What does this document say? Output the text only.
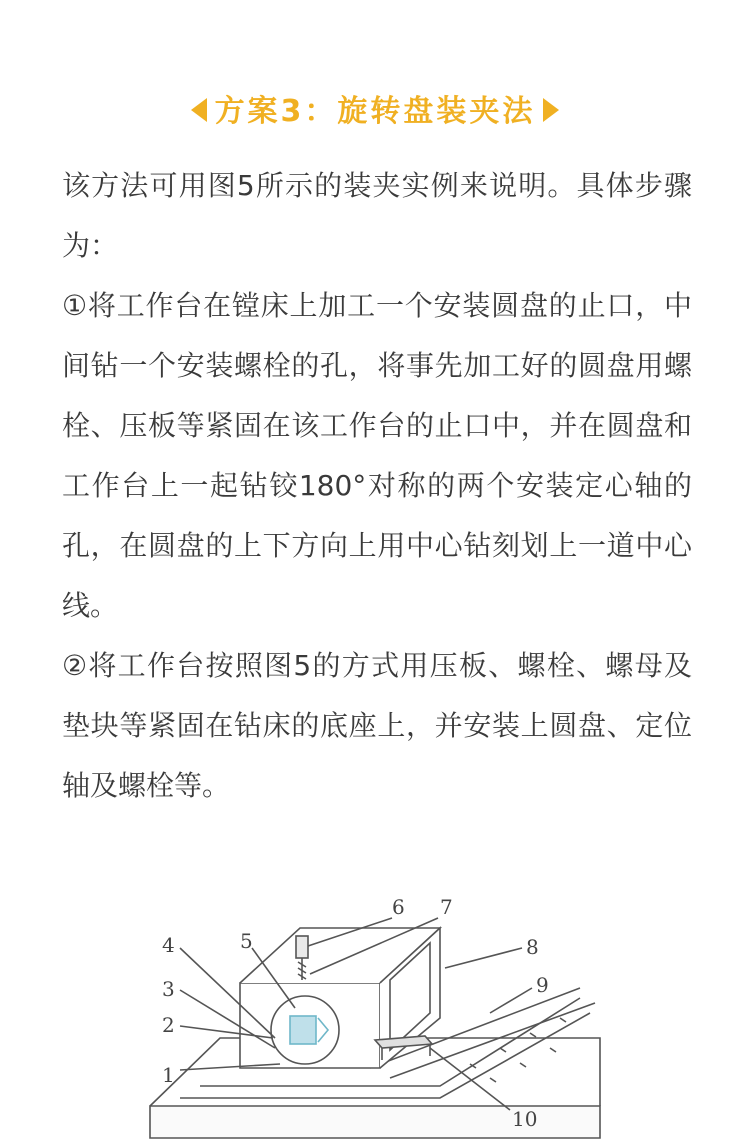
方案3：旋转盘装夹法

该方法可用图5所示的装夹实例来说明。具体步骤为：

①将工作台在镗床上加工一个安装圆盘的止口，中间钻一个安装螺栓的孔，将事先加工好的圆盘用螺栓、压板等紧固在该工作台的止口中，并在圆盘和工作台上一起钻铰180°对称的两个安装定心轴的孔，在圆盘的上下方向上用中心钻刻划上一道中心线。

②将工作台按照图5的方式用压板、螺栓、螺母及垫块等紧固在钻床的底座上，并安装上圆盘、定位轴及螺栓等。

1
2
3
4	5
6 7
8
9
10
